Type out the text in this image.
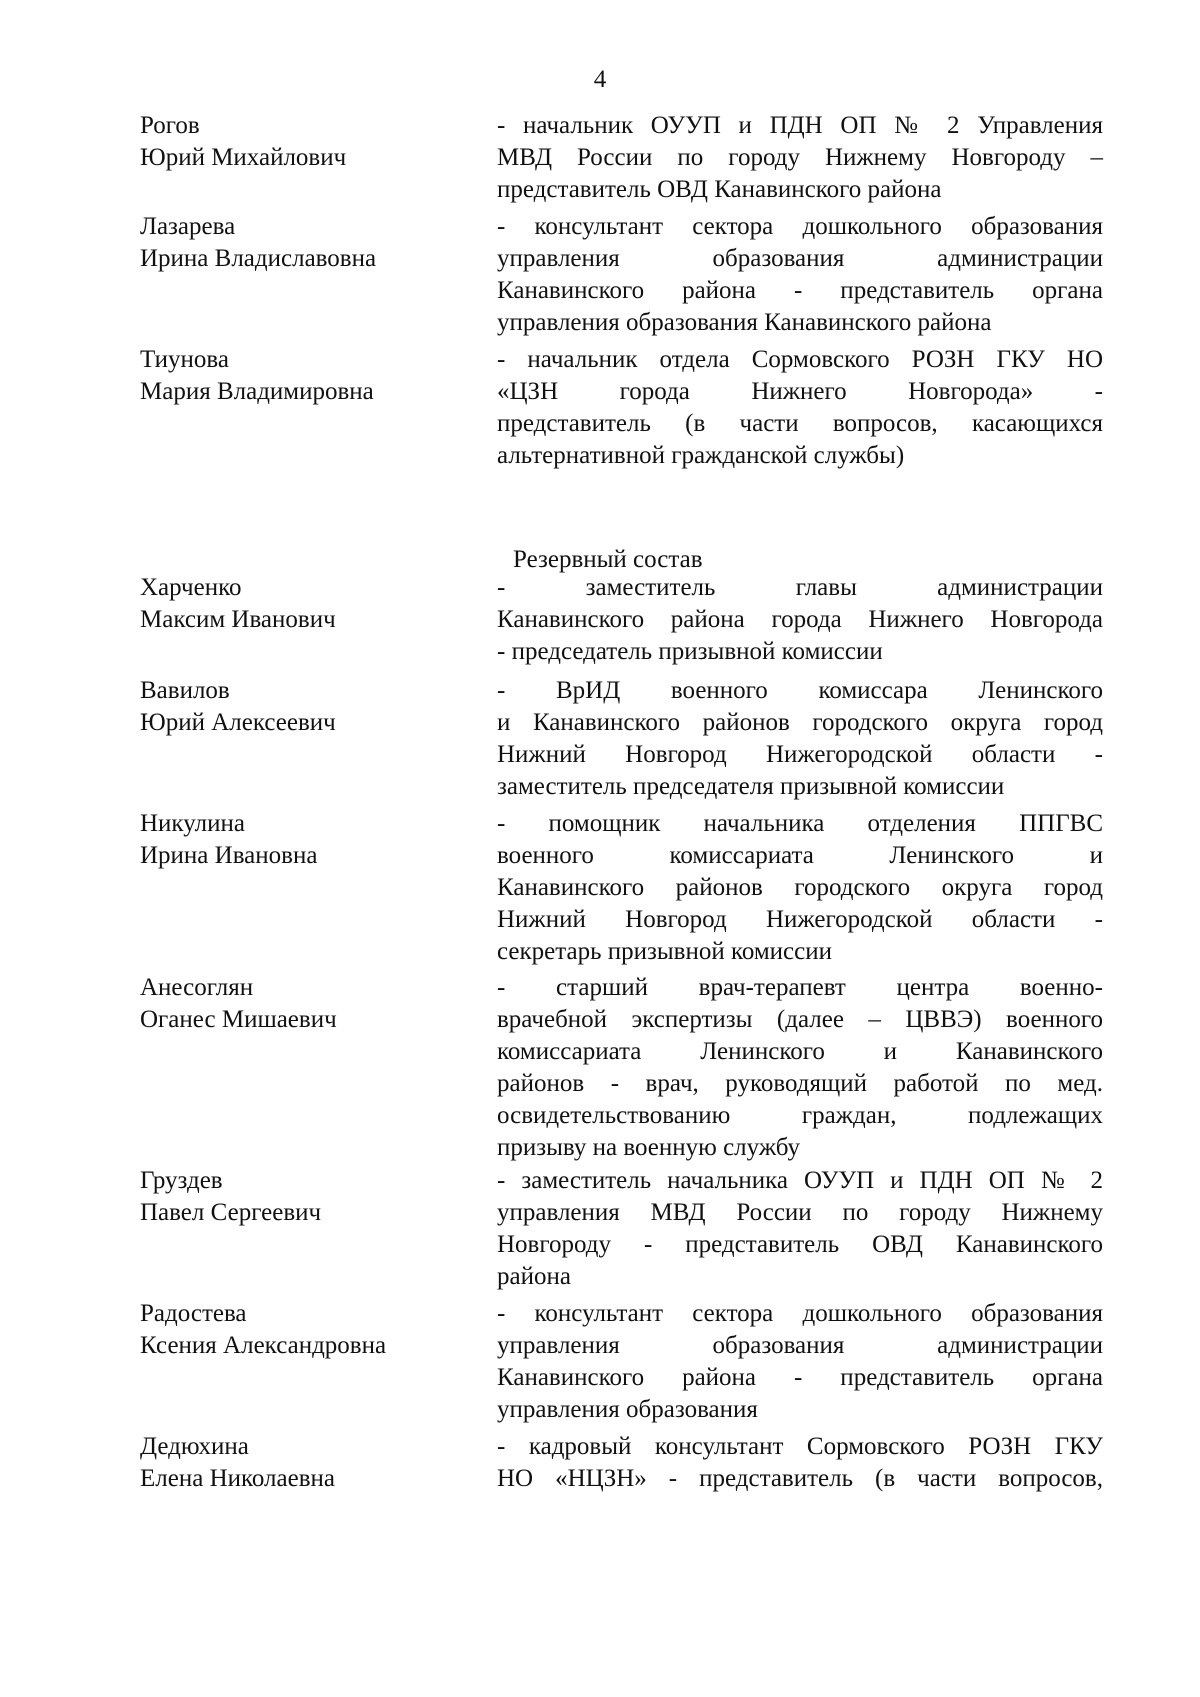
4
Рогов
Юрий Михайлович
- начальник ОУУП и ПДН ОП № 2 Управления
МВД России по городу Нижнему Новгороду –
представитель ОВД Канавинского района
Лазарева
Ирина Владиславовна
- консультант сектора дошкольного образования
управления образования администрации
Канавинского района - представитель органа
управления образования Канавинского района
Тиунова
Мария Владимировна
- начальник отдела Сормовского РОЗН ГКУ НО
«ЦЗН города Нижнего Новгорода» -
представитель (в части вопросов, касающихся
альтернативной гражданской службы)
Резервный состав
Харченко
Максим Иванович
- заместитель главы администрации
Канавинского района города Нижнего Новгорода
- председатель призывной комиссии
Вавилов
Юрий Алексеевич
- ВрИД военного комиссара Ленинского
и Канавинского районов городского округа город
Нижний Новгород Нижегородской области -
заместитель председателя призывной комиссии
Никулина
Ирина Ивановна
- помощник начальника отделения ППГВС
военного комиссариата Ленинского и
Канавинского районов городского округа город
Нижний Новгород Нижегородской области -
секретарь призывной комиссии
Анесоглян
Оганес Мишаевич
- старший врач-терапевт центра военно-
врачебной экспертизы (далее – ЦВВЭ) военного
комиссариата Ленинского и Канавинского
районов - врач, руководящий работой по мед.
освидетельствованию граждан, подлежащих
призыву на военную службу
Груздев
Павел Сергеевич
- заместитель начальника ОУУП и ПДН ОП № 2
управления МВД России по городу Нижнему
Новгороду - представитель ОВД Канавинского
района
Радостева
Ксения Александровна
- консультант сектора дошкольного образования
управления образования администрации
Канавинского района - представитель органа
управления образования
Дедюхина
Елена Николаевна
- кадровый консультант Сормовского РОЗН ГКУ
НО «НЦЗН» - представитель (в части вопросов,
